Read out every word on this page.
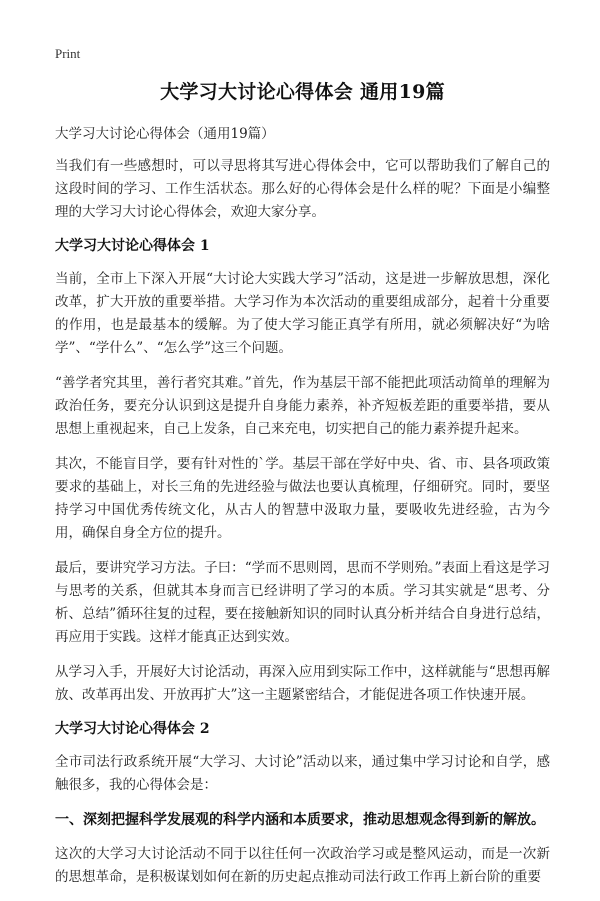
Print
大学习大讨论心得体会 通用19篇
大学习大讨论心得体会（通用19篇）

当我们有一些感想时，可以寻思将其写进心得体会中，它可以帮助我们了解自己的这段时间的学习、工作生活状态。那么好的心得体会是什么样的呢？下面是小编整理的大学习大讨论心得体会，欢迎大家分享。

大学习大讨论心得体会 1

当前，全市上下深入开展“大讨论大实践大学习”活动，这是进一步解放思想，深化改革，扩大开放的重要举措。大学习作为本次活动的重要组成部分，起着十分重要的作用，也是最基本的缓解。为了使大学习能正真学有所用，就必须解决好“为啥学”、“学什么”、“怎么学”这三个问题。

“善学者究其里，善行者究其难。”首先，作为基层干部不能把此项活动简单的理解为政治任务，要充分认识到这是提升自身能力素养，补齐短板差距的重要举措，要从思想上重视起来，自己上发条，自己来充电，切实把自己的能力素养提升起来。

其次，不能盲目学，要有针对性的`学。基层干部在学好中央、省、市、县各项政策要求的基础上，对长三角的先进经验与做法也要认真梳理，仔细研究。同时，要坚持学习中国优秀传统文化，从古人的智慧中汲取力量，要吸收先进经验，古为今用，确保自身全方位的提升。

最后，要讲究学习方法。子曰：“学而不思则罔，思而不学则殆。”表面上看这是学习与思考的关系，但就其本身而言已经讲明了学习的本质。学习其实就是“思考、分析、总结”循环往复的过程，要在接触新知识的同时认真分析并结合自身进行总结，再应用于实践。这样才能真正达到实效。

从学习入手，开展好大讨论活动，再深入应用到实际工作中，这样就能与“思想再解放、改革再出发、开放再扩大”这一主题紧密结合，才能促进各项工作快速开展。

大学习大讨论心得体会 2

全市司法行政系统开展“大学习、大讨论”活动以来，通过集中学习讨论和自学，感触很多，我的心得体会是：

一、深刻把握科学发展观的科学内涵和本质要求，推动思想观念得到新的解放。

这次的大学习大讨论活动不同于以往任何一次政治学习或是整风运动，而是一次新的思想革命，是积极谋划如何在新的历史起点推动司法行政工作再上新台阶的重要
